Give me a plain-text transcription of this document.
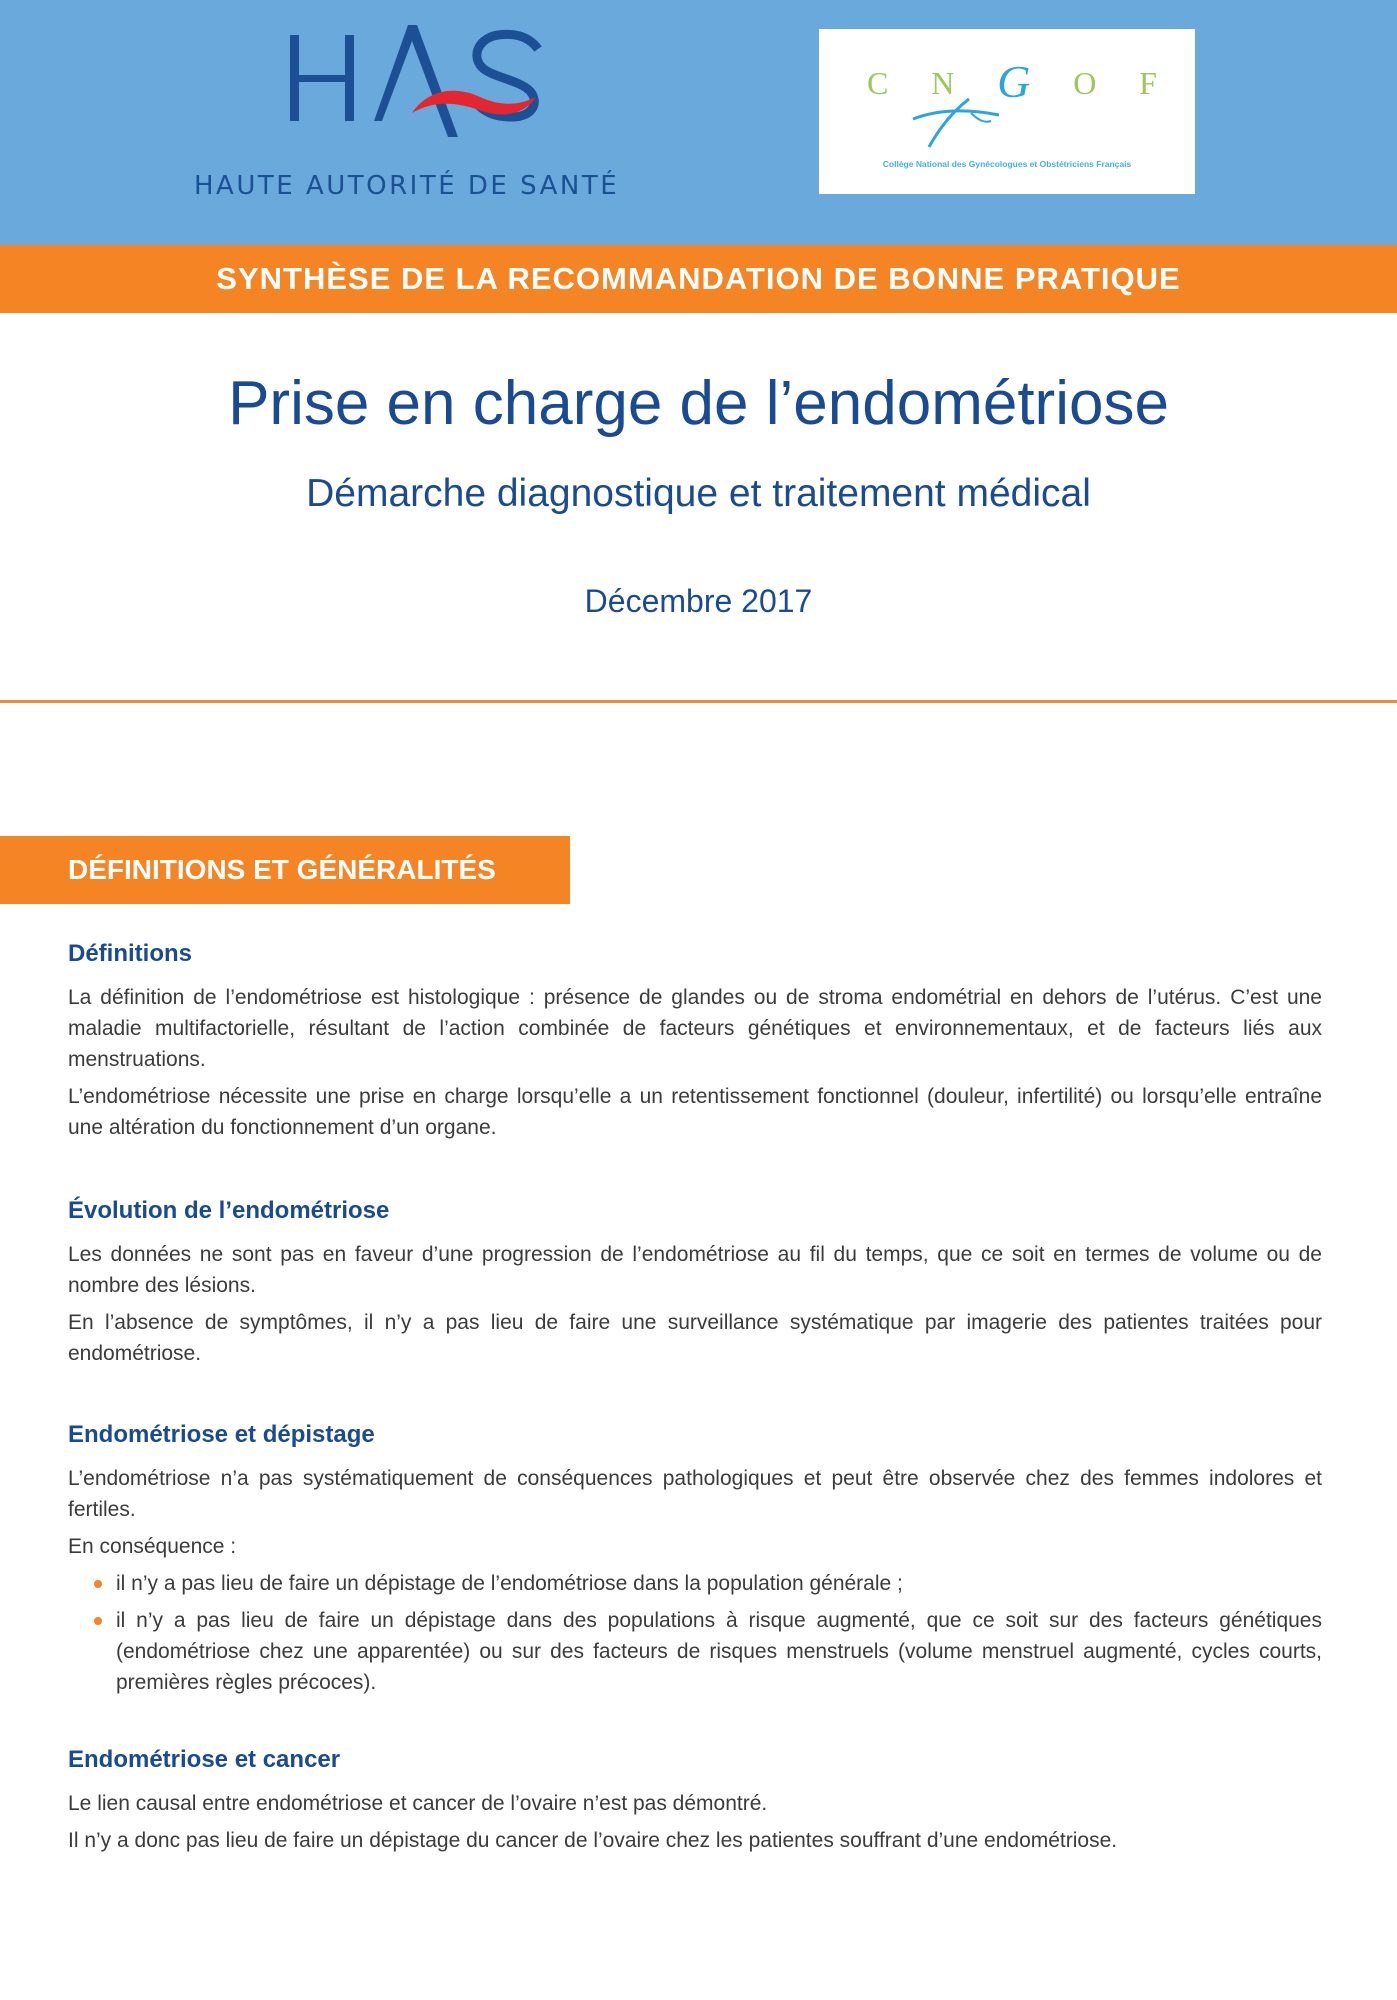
HAUTE AUTORITÉ DE SANTÉ
C N G O F
Collège National des Gynécologues et Obstétriciens Français
SYNTHÈSE DE LA RECOMMANDATION DE BONNE PRATIQUE
Prise en charge de l’endométriose
Démarche diagnostique et traitement médical
Décembre 2017
DÉFINITIONS ET GÉNÉRALITÉS
Définitions

La définition de l’endométriose est histologique : présence de glandes ou de stroma endométrial en dehors de l’utérus. C’est une maladie multifactorielle, résultant de l’action combinée de facteurs génétiques et environnementaux, et de facteurs liés aux menstruations.

L’endométriose nécessite une prise en charge lorsqu’elle a un retentissement fonctionnel (douleur, infertilité) ou lorsqu’elle entraîne une altération du fonctionnement d’un organe.

Évolution de l’endométriose

Les données ne sont pas en faveur d’une progression de l’endométriose au fil du temps, que ce soit en termes de volume ou de nombre des lésions.

En l’absence de symptômes, il n’y a pas lieu de faire une surveillance systématique par imagerie des patientes traitées pour endométriose.

Endométriose et dépistage

L’endométriose n’a pas systématiquement de conséquences pathologiques et peut être observée chez des femmes indolores et fertiles.

En conséquence :

il n’y a pas lieu de faire un dépistage de l’endométriose dans la population générale ;
il n’y a pas lieu de faire un dépistage dans des populations à risque augmenté, que ce soit sur des facteurs génétiques (endométriose chez une apparentée) ou sur des facteurs de risques menstruels (volume menstruel augmenté, cycles courts, premières règles précoces).
Endométriose et cancer

Le lien causal entre endométriose et cancer de l’ovaire n’est pas démontré.

Il n’y a donc pas lieu de faire un dépistage du cancer de l’ovaire chez les patientes souffrant d’une endométriose.
